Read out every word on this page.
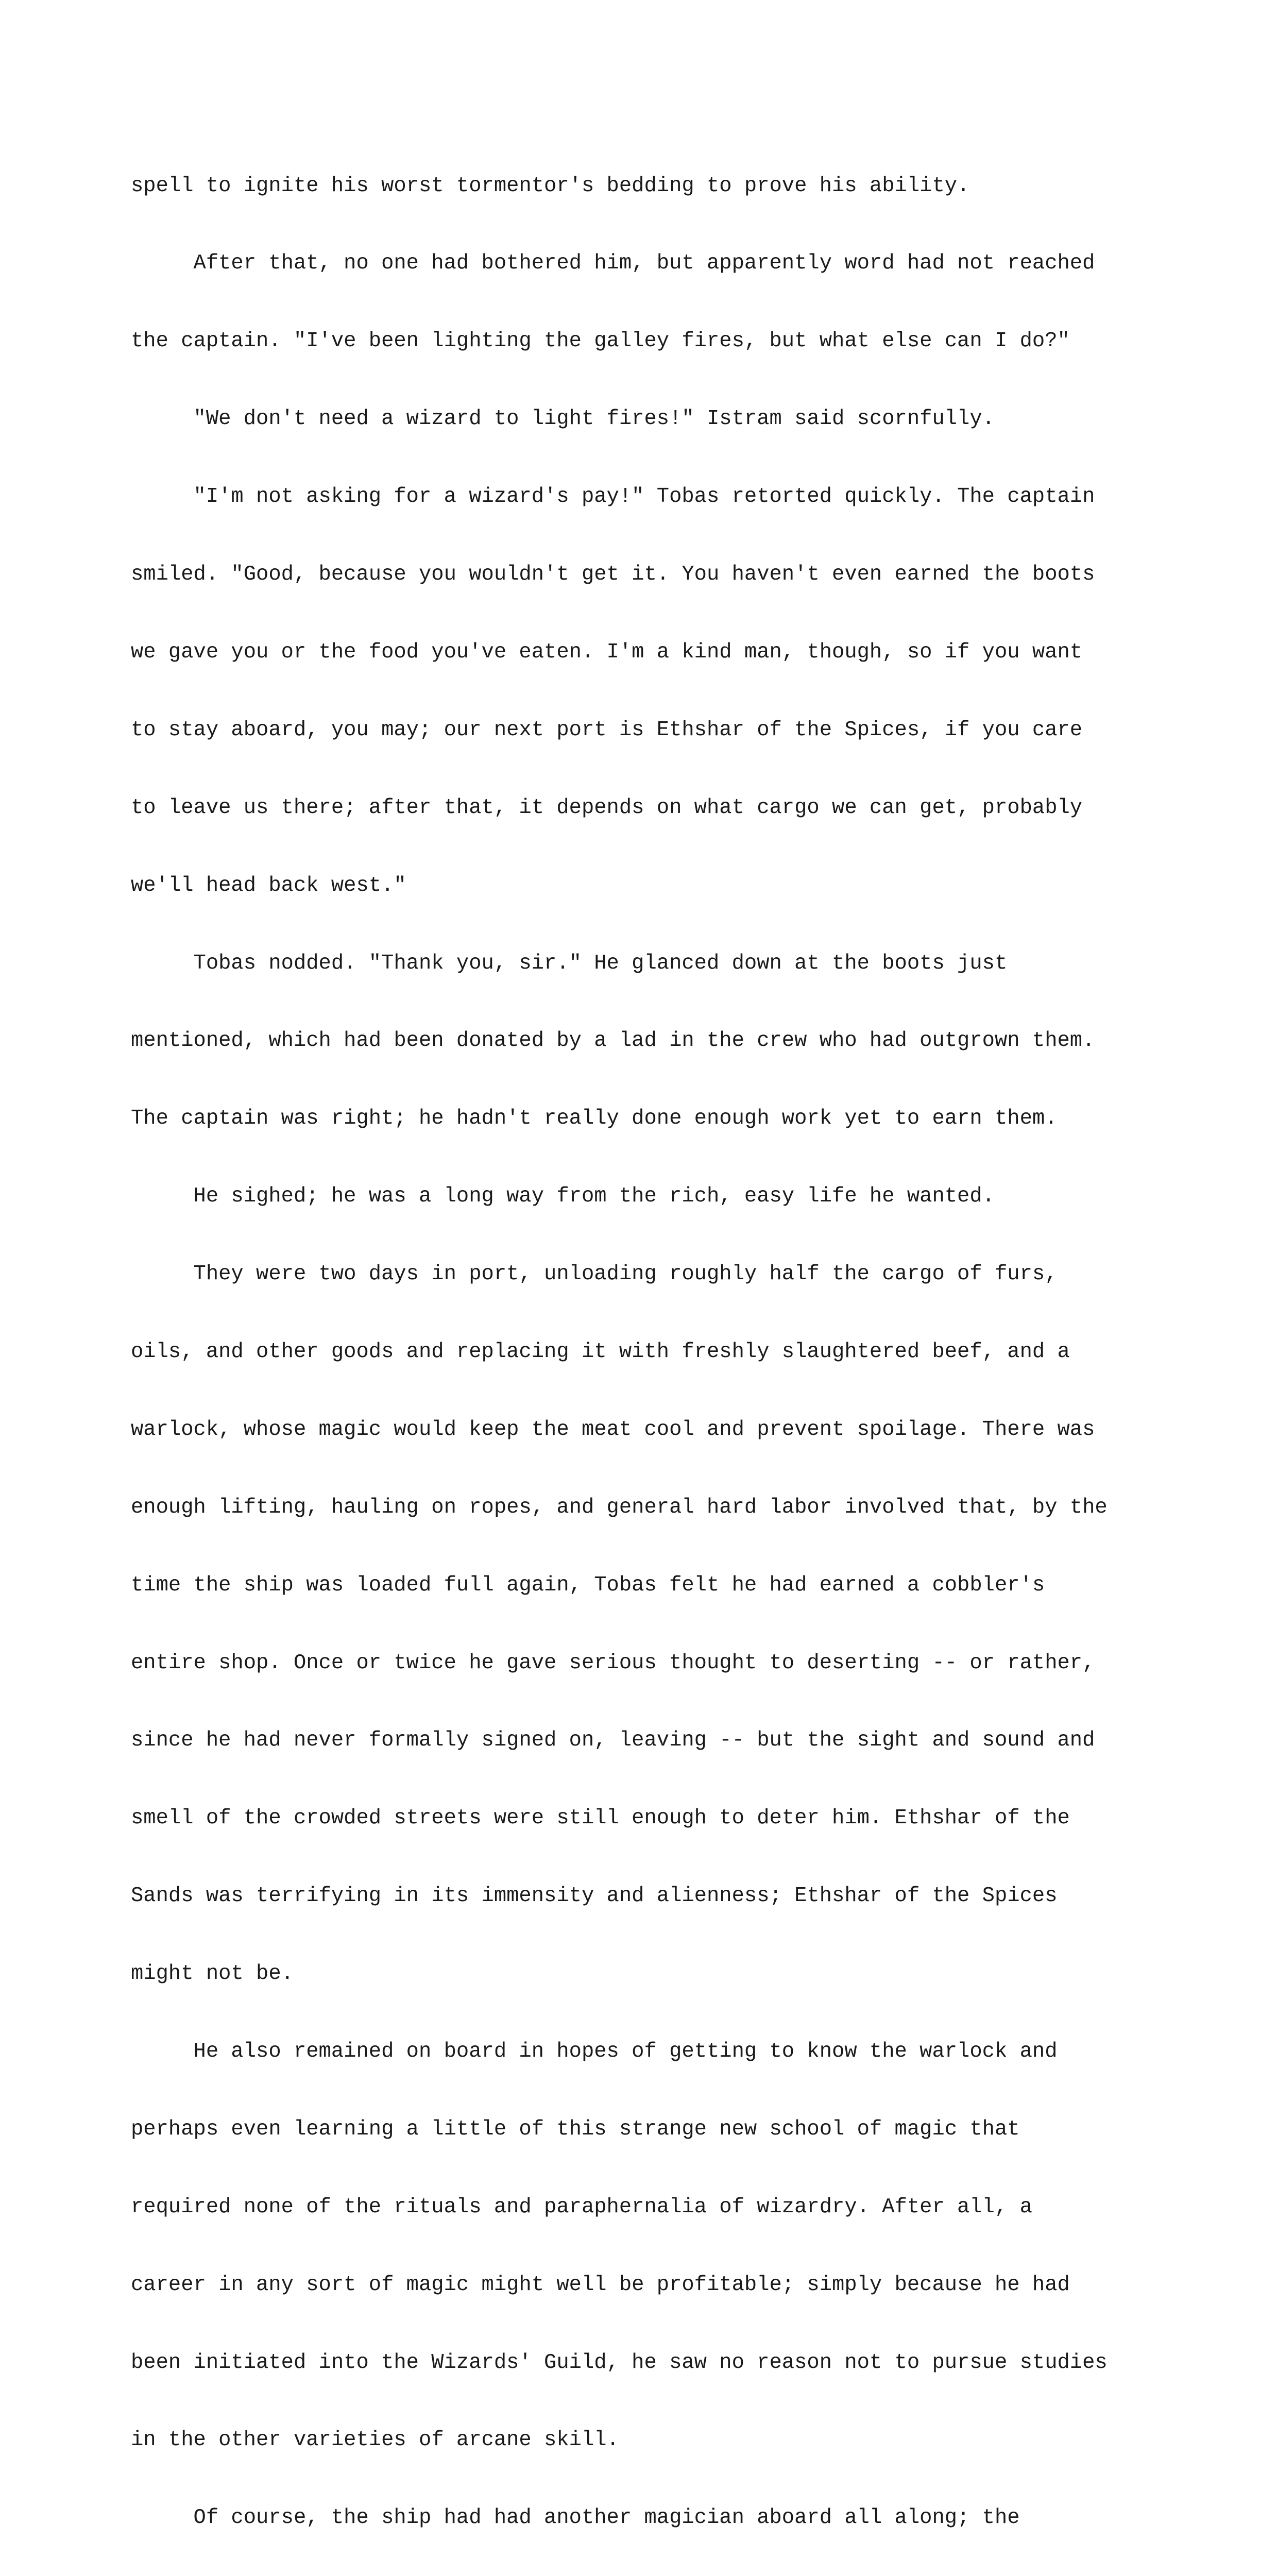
spell to ignite his worst tormentor's bedding to prove his ability.

After that, no one had bothered him, but apparently word had not reached

the captain. "I've been lighting the galley fires, but what else can I do?"

"We don't need a wizard to light fires!" Istram said scornfully.

"I'm not asking for a wizard's pay!" Tobas retorted quickly. The captain

smiled. "Good, because you wouldn't get it. You haven't even earned the boots

we gave you or the food you've eaten. I'm a kind man, though, so if you want

to stay aboard, you may; our next port is Ethshar of the Spices, if you care

to leave us there; after that, it depends on what cargo we can get, probably

we'll head back west."

Tobas nodded. "Thank you, sir." He glanced down at the boots just

mentioned, which had been donated by a lad in the crew who had outgrown them.

The captain was right; he hadn't really done enough work yet to earn them.

He sighed; he was a long way from the rich, easy life he wanted.

They were two days in port, unloading roughly half the cargo of furs,

oils, and other goods and replacing it with freshly slaughtered beef, and a

warlock, whose magic would keep the meat cool and prevent spoilage. There was

enough lifting, hauling on ropes, and general hard labor involved that, by the

time the ship was loaded full again, Tobas felt he had earned a cobbler's

entire shop. Once or twice he gave serious thought to deserting -- or rather,

since he had never formally signed on, leaving -- but the sight and sound and

smell of the crowded streets were still enough to deter him. Ethshar of the

Sands was terrifying in its immensity and alienness; Ethshar of the Spices

might not be.

He also remained on board in hopes of getting to know the warlock and

perhaps even learning a little of this strange new school of magic that

required none of the rituals and paraphernalia of wizardry. After all, a

career in any sort of magic might well be profitable; simply because he had

been initiated into the Wizards' Guild, he saw no reason not to pursue studies

in the other varieties of arcane skill.

Of course, the ship had had another magician aboard all along; the
